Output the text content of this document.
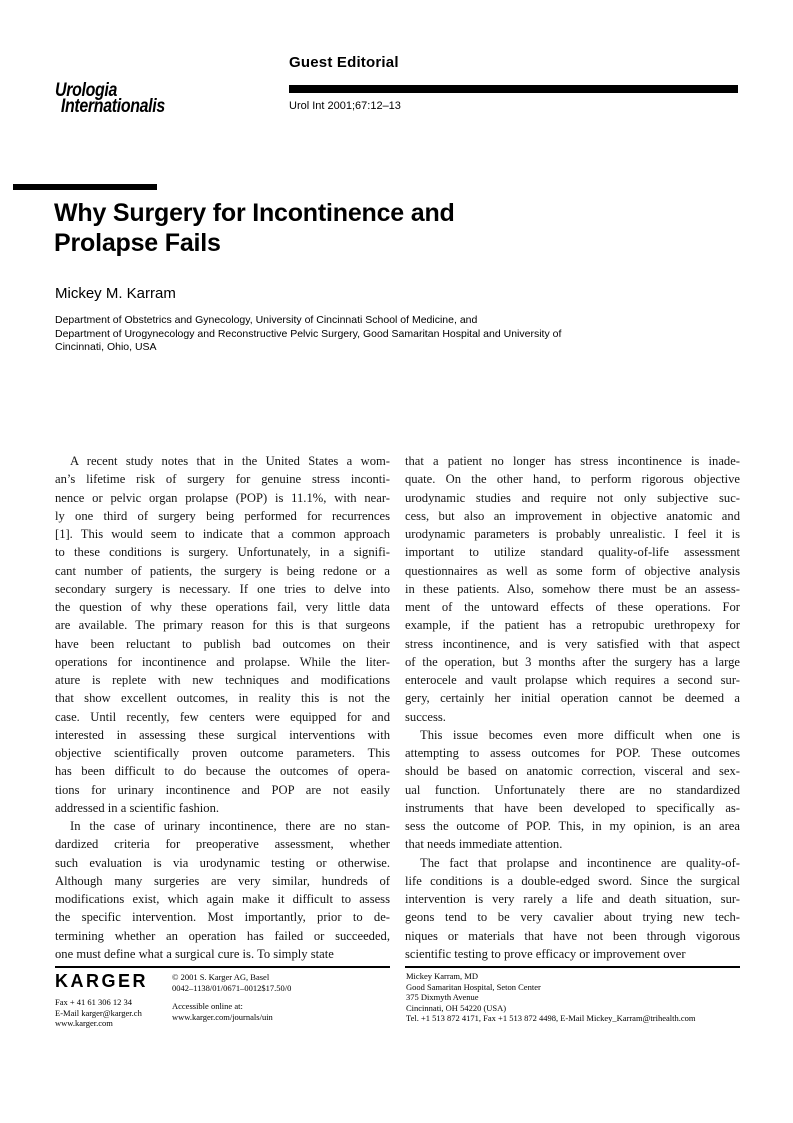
Urologia
Internationalis
Guest Editorial
Urol Int 2001;67:12–13
Why Surgery for Incontinence and
Prolapse Fails
Mickey M. Karram
Department of Obstetrics and Gynecology, University of Cincinnati School of Medicine, and
Department of Urogynecology and Reconstructive Pelvic Surgery, Good Samaritan Hospital and University of
Cincinnati, Ohio, USA
A recent study notes that in the United States a wom-
an’s lifetime risk of surgery for genuine stress inconti-
nence or pelvic organ prolapse (POP) is 11.1%, with near-
ly one third of surgery being performed for recurrences
[1]. This would seem to indicate that a common approach
to these conditions is surgery. Unfortunately, in a signifi-
cant number of patients, the surgery is being redone or a
secondary surgery is necessary. If one tries to delve into
the question of why these operations fail, very little data
are available. The primary reason for this is that surgeons
have been reluctant to publish bad outcomes on their
operations for incontinence and prolapse. While the liter-
ature is replete with new techniques and modifications
that show excellent outcomes, in reality this is not the
case. Until recently, few centers were equipped for and
interested in assessing these surgical interventions with
objective scientifically proven outcome parameters. This
has been difficult to do because the outcomes of opera-
tions for urinary incontinence and POP are not easily
addressed in a scientific fashion.
In the case of urinary incontinence, there are no stan-
dardized criteria for preoperative assessment, whether
such evaluation is via urodynamic testing or otherwise.
Although many surgeries are very similar, hundreds of
modifications exist, which again make it difficult to assess
the specific intervention. Most importantly, prior to de-
termining whether an operation has failed or succeeded,
one must define what a surgical cure is. To simply state
that a patient no longer has stress incontinence is inade-
quate. On the other hand, to perform rigorous objective
urodynamic studies and require not only subjective suc-
cess, but also an improvement in objective anatomic and
urodynamic parameters is probably unrealistic. I feel it is
important to utilize standard quality-of-life assessment
questionnaires as well as some form of objective analysis
in these patients. Also, somehow there must be an assess-
ment of the untoward effects of these operations. For
example, if the patient has a retropubic urethropexy for
stress incontinence, and is very satisfied with that aspect
of the operation, but 3 months after the surgery has a large
enterocele and vault prolapse which requires a second sur-
gery, certainly her initial operation cannot be deemed a
success.
This issue becomes even more difficult when one is
attempting to assess outcomes for POP. These outcomes
should be based on anatomic correction, visceral and sex-
ual function. Unfortunately there are no standardized
instruments that have been developed to specifically as-
sess the outcome of POP. This, in my opinion, is an area
that needs immediate attention.
The fact that prolapse and incontinence are quality-of-
life conditions is a double-edged sword. Since the surgical
intervention is very rarely a life and death situation, sur-
geons tend to be very cavalier about trying new tech-
niques or materials that have not been through vigorous
scientific testing to prove efficacy or improvement over
KARGER
Fax + 41 61 306 12 34
E-Mail karger@karger.ch
www.karger.com
© 2001 S. Karger AG, Basel
0042–1138/01/0671–0012$17.50/0
Accessible online at:
www.karger.com/journals/uin
Mickey Karram, MD
Good Samaritan Hospital, Seton Center
375 Dixmyth Avenue
Cincinnati, OH 54220 (USA)
Tel. +1 513 872 4171, Fax +1 513 872 4498, E-Mail Mickey_Karram@trihealth.com
